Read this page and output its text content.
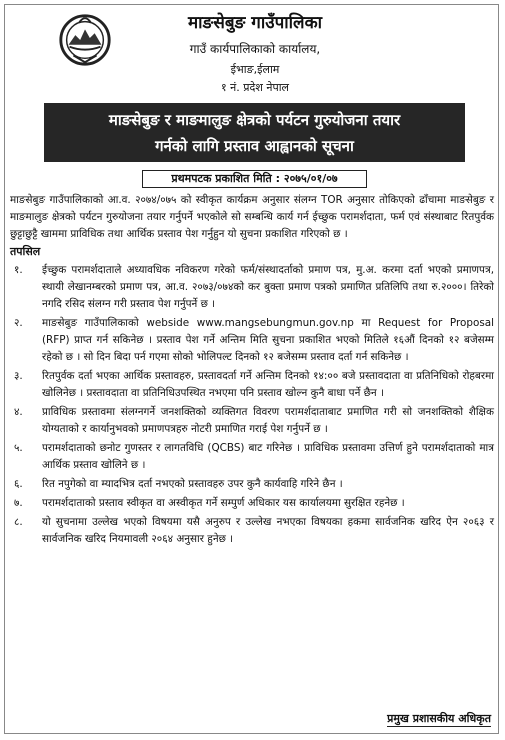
माङसेबुङ गाउँपालिका
गाउँ कार्यपालिकाको कार्यालय,
ईभाङ,ईलाम
१ नं. प्रदेश नेपाल
माङसेबुङ र माङमालुङ क्षेत्रको पर्यटन गुरुयोजना तयार
गर्नको लागि प्रस्ताव आह्वानको सूचना
प्रथमपटक प्रकाशित मिति : २०७५/०१/०७
माङसेबुङ गाउँपालिकाको आ.व. २०७४/०७५ को स्वीकृत कार्यक्रम अनुसार संलग्न TOR अनुसार तोकिएको ढाँचामा माङसेबुङ र माङमालुङ क्षेत्रको पर्यटन गुरुयोजना तयार गर्नुपर्ने भएकोले सो सम्बन्धि कार्य गर्न ईच्छुक परामर्शदाता, फर्म एवं संस्थाबाट रितपुर्वक छुट्टाछुट्टै खाममा प्राविधिक तथा आर्थिक प्रस्ताव पेश गर्नुहुन यो सुचना प्रकाशित गरिएको छ ।
तपसिल
१. ईच्छुक परामर्शदाताले अध्यावधिक नविकरण गरेको फर्म/संस्थादर्ताको प्रमाण पत्र, मु.अ. करमा दर्ता भएको प्रमाणपत्र, स्थायी लेखानम्बरको प्रमाण पत्र, आ.व. २०७३/०७४को कर बुक्ता प्रमाण पत्रको प्रमाणित प्रतिलिपि तथा रु.२०००। तिरेको नगदि रसिद संलग्न गरी प्रस्ताव पेश गर्नुपर्ने छ ।
२. माङसेबुङ गाउँपालिकाको webside www.mangsebungmun.gov.np मा Request for Proposal (RFP) प्राप्त गर्न सकिनेछ । प्रस्ताव पेश गर्ने अन्तिम मिति सुचना प्रकाशित भएको मितिले १६औं दिनको १२ बजेसम्म रहेको छ । सो दिन बिदा पर्न गएमा सोको भोलिपल्ट दिनको १२ बजेसम्म प्रस्ताव दर्ता गर्न सकिनेछ ।
३. रितपुर्वक दर्ता भएका आर्थिक प्रस्तावहरु, प्रस्तावदर्ता गर्ने अन्तिम दिनको १४:०० बजे प्रस्तावदाता वा प्रतिनिधिको रोहबरमा खोलिनेछ । प्रस्तावदाता वा प्रतिनिधिउपस्थित नभएमा पनि प्रस्ताव खोल्न कुनै बाधा पर्ने छैन ।
४. प्राविधिक प्रस्तावमा संलग्नगर्ने जनशक्तिको व्यक्तिगत विवरण परामर्शदाताबाट प्रमाणित गरी सो जनशक्तिको शैक्षिक योग्यताको र कार्यानुभवको प्रमाणपत्रहरु नोटरी प्रमाणित गराई पेश गर्नुपर्ने छ ।
५. परामर्शदाताको छनोट गुणस्तर र लागतविधि (QCBS) बाट गरिनेछ । प्राविधिक प्रस्तावमा उत्तिर्ण हुने परामर्शदाताको मात्र आर्थिक प्रस्ताव खोलिने छ ।
६. रित नपुगेको वा म्यादभित्र दर्ता नभएको प्रस्तावहरु उपर कुनै कार्यवाहि गरिने छैन ।
७. परामर्शदाताको प्रस्ताव स्वीकृत वा अस्वीकृत गर्ने सम्पुर्ण अधिकार यस कार्यालयमा सुरक्षित रहनेछ ।
८. यो सुचनामा उल्लेख भएको विषयमा यसै अनुरुप र उल्लेख नभएका विषयका हकमा सार्वजनिक खरिद ऐन २०६३ र सार्वजनिक खरिद नियमावली २०६४ अनुसार हुनेछ ।
प्रमुख प्रशासकीय अधिकृत
